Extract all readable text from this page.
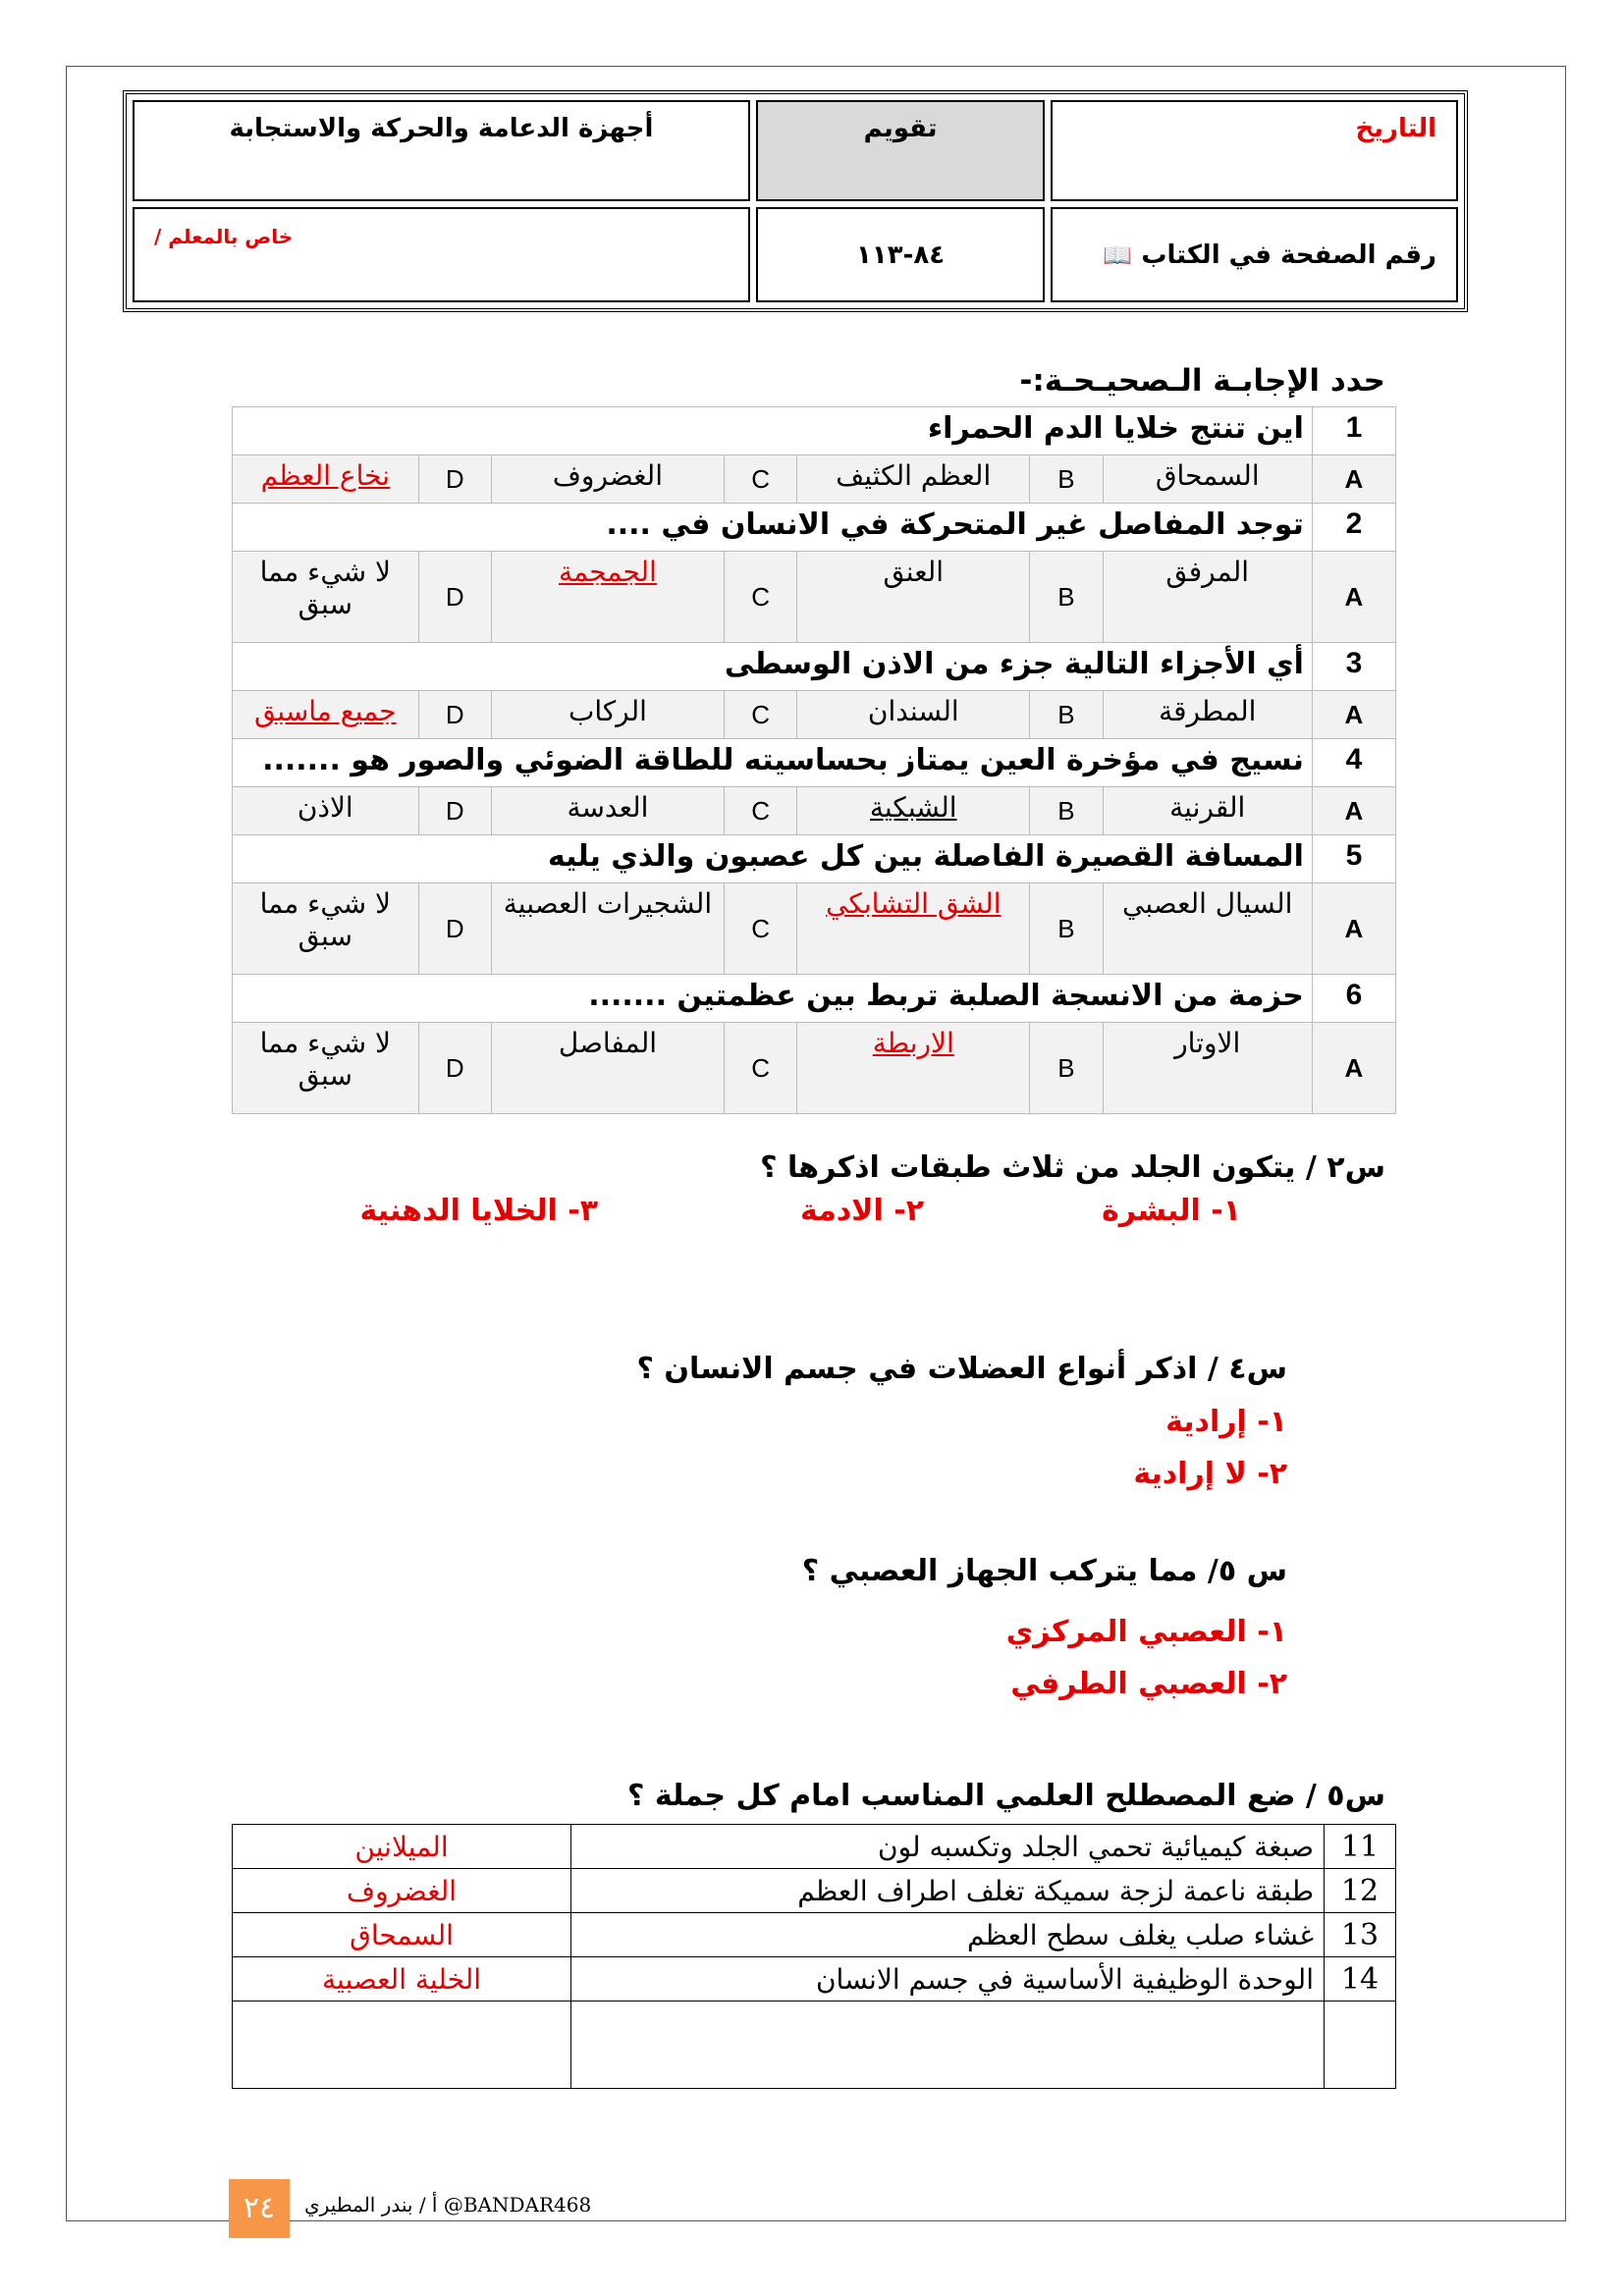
التاريخ	تقويم	أجهزة الدعامة والحركة والاستجابة
رقم الصفحة في الكتاب 📖	٨٤-١١٣	خاص بالمعلم /
حدد الإجابـة الـصحيـحـة:-
1	اين تنتج خلايا الدم الحمراء						
A	السمحاق	B	العظم الكثيف	C	الغضروف	D	نخاع العظم
2	توجد المفاصل غير المتحركة في الانسان في ....						
A	المرفق	B	العنق	C	الجمجمة	D	لا شيء مما سبق
3	أي الأجزاء التالية جزء من الاذن الوسطى						
A	المطرقة	B	السندان	C	الركاب	D	جميع ماسبق
4	نسيج في مؤخرة العين يمتاز بحساسيته للطاقة الضوئي والصور هو .......						
A	القرنية	B	الشبكية	C	العدسة	D	الاذن
5	المسافة القصيرة الفاصلة بين كل عصبون والذي يليه						
A	السيال العصبي	B	الشق التشابكي	C	الشجيرات العصبية	D	لا شيء مما سبق
6	حزمة من الانسجة الصلبة تربط بين عظمتين .......						
A	الاوتار	B	الاربطة	C	المفاصل	D	لا شيء مما سبق
س٢ / يتكون الجلد من ثلاث طبقات اذكرها ؟
١- البشرة
٢- الادمة
٣- الخلايا الدهنية
س٤ / اذكر أنواع العضلات في جسم الانسان ؟
١- إرادية
٢- لا إرادية
س ٥/ مما يتركب الجهاز العصبي ؟
١- العصبي المركزي
٢- العصبي الطرفي
س٥ / ضع المصطلح العلمي المناسب امام كل جملة ؟
11	صبغة كيميائية تحمي الجلد وتكسبه لون	الميلانين
12	طبقة ناعمة لزجة سميكة تغلف اطراف العظم	الغضروف
13	غشاء صلب يغلف سطح العظم	السمحاق
14	الوحدة الوظيفية الأساسية في جسم الانسان	الخلية العصبية

٢٤	أ / بندر المطيري @BANDAR468
